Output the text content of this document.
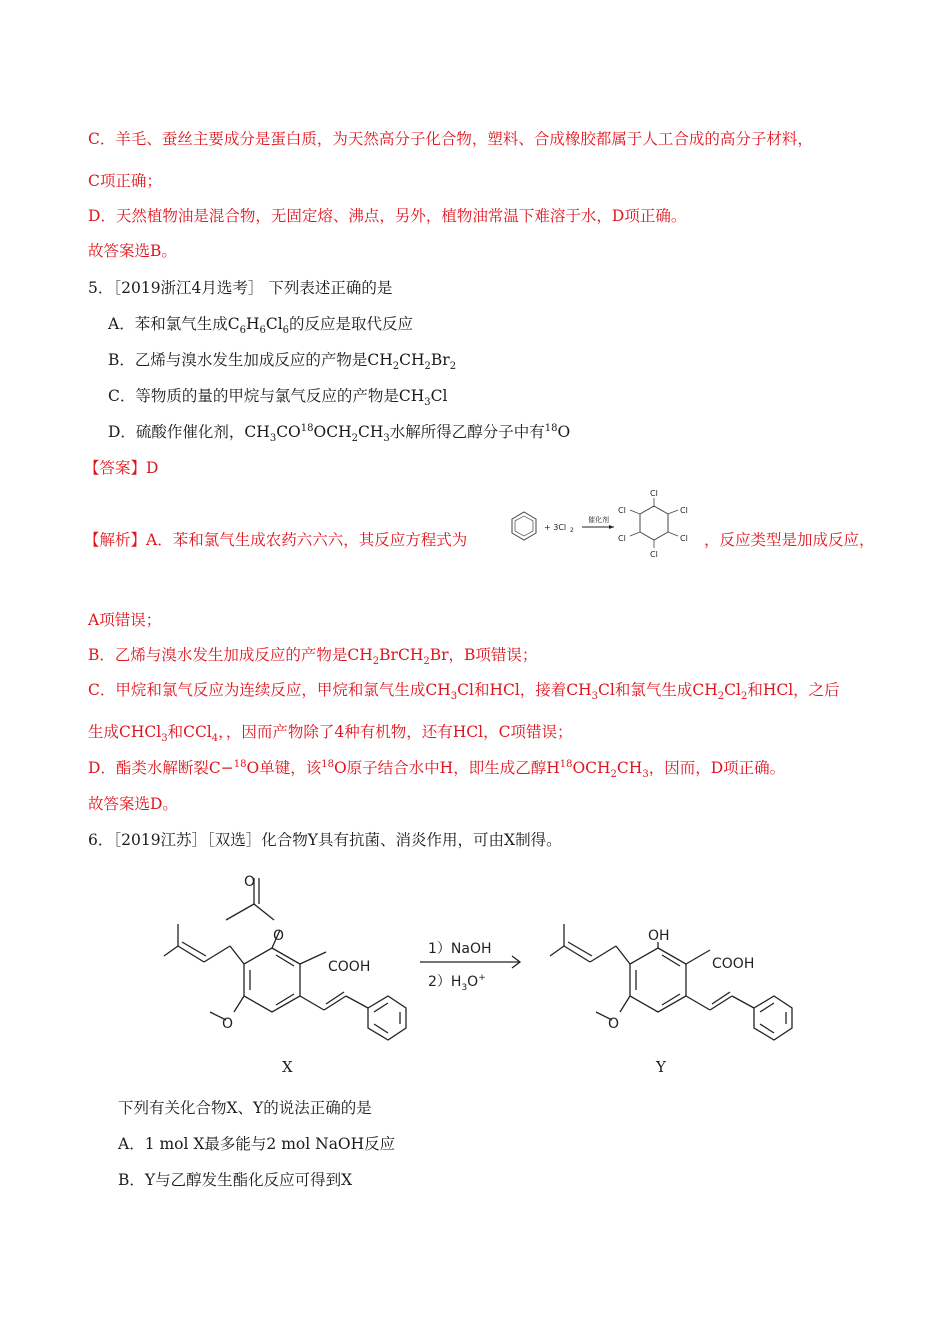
C．羊毛、蚕丝主要成分是蛋白质，为天然高分子化合物，塑料、合成橡胶都属于人工合成的高分子材料，
C项正确；
D．天然植物油是混合物，无固定熔、沸点，另外，植物油常温下难溶于水，D项正确。
故答案选B。
5．［2019浙江4月选考］ 下列表述正确的是
A．苯和氯气生成$C_6H_6Cl_6$的反应是取代反应
B．乙烯与溴水发生加成反应的产物是$CH_2CH_2Br_2$
C．等物质的量的甲烷与氯气反应的产物是$CH_3Cl$
D．硫酸作催化剂，$CH_3CO^{18}OCH_2CH_3$水解所得乙醇分子中有$^{18}$O
【答案】D
【解析】A．苯和氯气生成农药六六六，其反应方程式为
+ 3Cl 2
催化剂
Cl
Cl
Cl
Cl
Cl
Cl
，反应类型是加成反应，
A项错误；
B．乙烯与溴水发生加成反应的产物是$CH_2BrCH_2Br$，B项错误；
C．甲烷和氯气反应为连续反应，甲烷和氯气生成$CH_3Cl$和HCl，接着$CH_3Cl$和氯气生成$CH_2Cl_2$和HCl，之后
生成CHCl$_3$和CCl$_4$，，因而产物除了4种有机物，还有HCl，C项错误；
D．酯类水解断裂C−$^{18}$O单键，该$^{18}$O原子结合水中H，即生成乙醇$H^{18}OCH_2CH_3$，因而，D项正确。
故答案选D。
6．［2019江苏］［双选］化合物Y具有抗菌、消炎作用，可由X制得。
O
O
COOH
O
1）NaOH
$2)H_3O^+$
OH
COOH
O
X	Y
下列有关化合物X、Y的说法正确的是
A．1 mol X最多能与2 mol NaOH反应
B．Y与乙醇发生酯化反应可得到X
